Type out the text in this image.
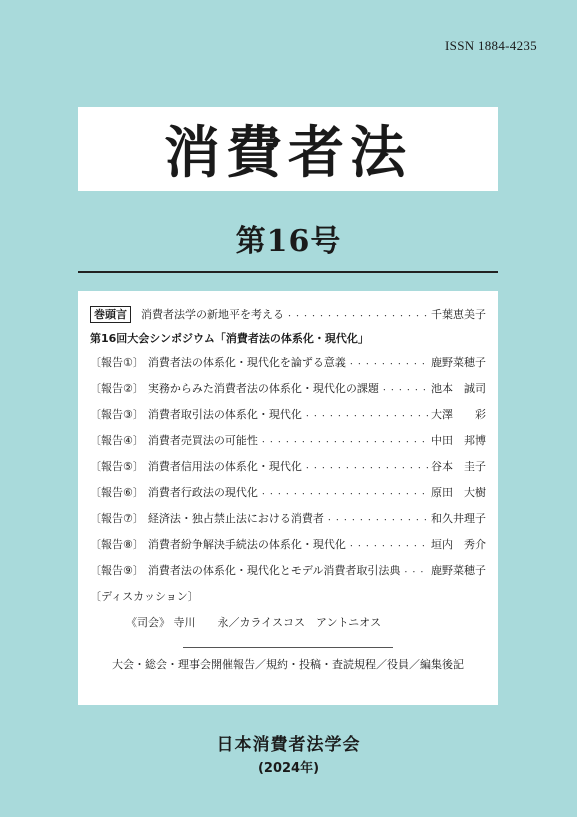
ISSN 1884-4235
消費者法
第16号
巻頭言 消費者法学の新地平を考える ・・・・・・・・・・・・・・・・・・・・・・・・・・・・・・・・・・・・・・・・・・・・・・	千葉恵美子
第16回大会シンポジウム「消費者法の体系化・現代化」
〔報告①〕 消費者法の体系化・現代化を論ずる意義 ・・・・・・・・・・・・・・・・・・・・・・・・・・・・・・・・・・・・・・・・・・・・・・	鹿野菜穂子
〔報告②〕 実務からみた消費者法の体系化・現代化の課題 ・・・・・・・・・・・・・・・・・・・・・・・・・・・・・・・・・・・・・・・・・・・・・・	池本　誠司
〔報告③〕 消費者取引法の体系化・現代化 ・・・・・・・・・・・・・・・・・・・・・・・・・・・・・・・・・・・・・・・・・・・・・・	大澤　　彩
〔報告④〕 消費者売買法の可能性 ・・・・・・・・・・・・・・・・・・・・・・・・・・・・・・・・・・・・・・・・・・・・・・	中田　邦博
〔報告⑤〕 消費者信用法の体系化・現代化 ・・・・・・・・・・・・・・・・・・・・・・・・・・・・・・・・・・・・・・・・・・・・・・	谷本　圭子
〔報告⑥〕 消費者行政法の現代化 ・・・・・・・・・・・・・・・・・・・・・・・・・・・・・・・・・・・・・・・・・・・・・・	原田　大樹
〔報告⑦〕 経済法・独占禁止法における消費者 ・・・・・・・・・・・・・・・・・・・・・・・・・・・・・・・・・・・・・・・・・・・・・・	和久井理子
〔報告⑧〕 消費者紛争解決手続法の体系化・現代化 ・・・・・・・・・・・・・・・・・・・・・・・・・・・・・・・・・・・・・・・・・・・・・・	垣内　秀介
〔報告⑨〕 消費者法の体系化・現代化とモデル消費者取引法典 ・・・・・・・・・・・・・・・・・・・・・・・・・・・・・・・・・・・・・・・・・・・・・・	鹿野菜穂子
〔ディスカッション〕
《司会》 寺川　　永／カライスコス　アントニオス
大会・総会・理事会開催報告／規約・投稿・査読規程／役員／編集後記
日本消費者法学会
(2024年)
